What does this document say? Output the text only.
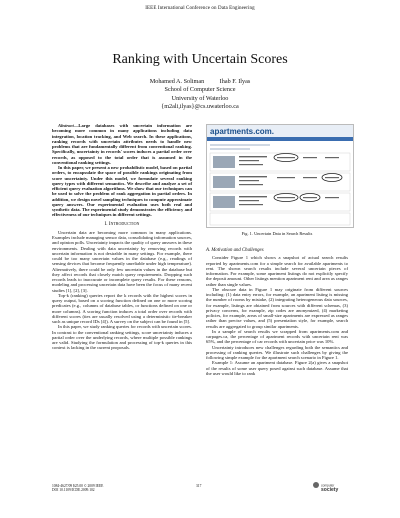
IEEE International Conference on Data Engineering
Ranking with Uncertain Scores
Mohamed A. Soliman          Ihab F. Ilyas
School of Computer Science
University of Waterloo
{m2ali,ilyas}@cs.uwaterloo.ca

Abstract—Large databases with uncertain information are becoming more common in many applications including data integration, location tracking, and Web search. In these applications, ranking records with uncertain attributes needs to handle new problems that are fundamentally different from conventional ranking. Specifically, uncertainty in records' scores induces a partial order over records, as opposed to the total order that is assumed in the conventional ranking settings.

In this paper, we present a new probabilistic model, based on partial orders, to encapsulate the space of possible rankings originating from score uncertainty. Under this model, we formulate several ranking query types with different semantics. We describe and analyze a set of efficient query evaluation algorithms. We show that our techniques can be used to solve the problem of rank aggregation in partial orders. In addition, we design novel sampling techniques to compute approximate query answers. Our experimental evaluation uses both real and synthetic data. The experimental study demonstrates the efficiency and effectiveness of our techniques in different settings.

I. Introduction

Uncertain data are becoming more common in many applications. Examples include managing sensor data, consolidating information sources, and opinion polls. Uncertainty impacts the quality of query answers in these environments. Dealing with data uncertainty by removing records with uncertain information is not desirable in many settings. For example, there could be too many uncertain values in the database (e.g., readings of sensing devices that become frequently unreliable under high temperature). Alternatively, there could be only few uncertain values in the database but they affect records that closely match query requirements. Dropping such records leads to inaccurate or incomplete query results. For these reasons, modeling and processing uncertain data have been the focus of many recent studies [1], [2], [3].

Top-k (ranking) queries report the k records with the highest scores in query output, based on a scoring function defined on one or more scoring predicates (e.g., columns of database tables, or functions defined on one or more columns). A scoring function induces a total order over records with different scores (ties are usually resolved using a deterministic tie-breaker such as unique record IDs [4]). A survey on the subject can be found in [5].

In this paper, we study ranking queries for records with uncertain scores. In contrast to the conventional ranking settings, score uncertainty induces a partial order over the underlying records, where multiple possible rankings are valid. Studying the formulation and processing of top-k queries in this context is lacking in the current proposals.

apartments.com.
Fig. 1. Uncertain Data in Search Results
A. Motivation and Challenges

Consider Figure 1 which shows a snapshot of actual search results reported by apartments.com for a simple search for available apartments to rent. The shown search results include several uncertain pieces of information. For example, some apartment listings do not explicitly specify the deposit amount. Other listings mention apartment rent and area as ranges rather than single values.

The obscure data in Figure 1 may originate from different sources including: (1) data entry errors, for example, an apartment listing is missing the number of rooms by mistake, (2) integrating heterogeneous data sources, for example, listings are obtained from sources with different schemas, (3) privacy concerns, for example, zip codes are anonymized, (4) marketing policies, for example, areas of small-size apartments are expressed as ranges rather than precise values, and (5) presentation style, for example, search results are aggregated to group similar apartments.

In a sample of search results we scrapped from apartments.com and carpages.ca, the percentage of apartment records with uncertain rent was 65%, and the percentage of car records with uncertain price was 10%.

Uncertainty introduces new challenges regarding both the semantics and processing of ranking queries. We illustrate such challenges by giving the following simple example for the apartment search scenario in Figure 1.

Example 1: Assume an apartment database. Figure 2(a) gives a snapshot of the results of some user query posed against such database. Assume that the user would like to rank

1084-4627/09 $25.00 © 2009 IEEE
DOI 10.1109/ICDE.2009.102
317	computer
society
